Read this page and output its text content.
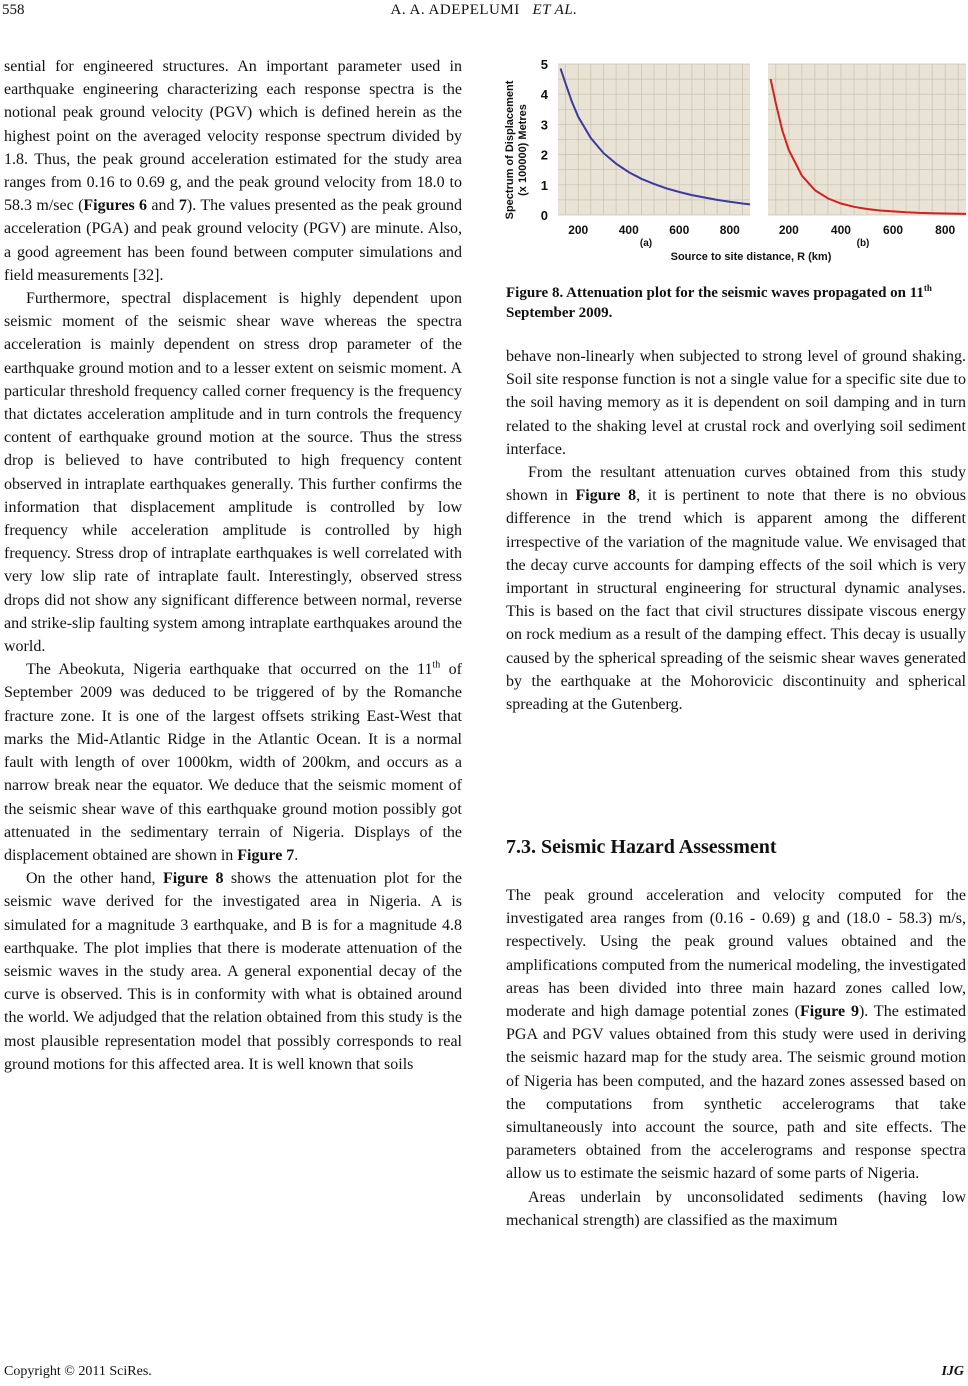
558	A. A. ADEPELUMI ET AL.

sential for engineered structures. An important parameter used in earthquake engineering characterizing each response spectra is the notional peak ground velocity (PGV) which is defined herein as the highest point on the averaged velocity response spectrum divided by 1.8. Thus, the peak ground acceleration estimated for the study area ranges from 0.16 to 0.69 g, and the peak ground velocity from 18.0 to 58.3 m/sec (Figures 6 and 7). The values presented as the peak ground acceleration (PGA) and peak ground velocity (PGV) are minute. Also, a good agreement has been found between computer simulations and field measurements [32].

Furthermore, spectral displacement is highly dependent upon seismic moment of the seismic shear wave whereas the spectra acceleration is mainly dependent on stress drop parameter of the earthquake ground motion and to a lesser extent on seismic moment. A particular threshold frequency called corner frequency is the frequency that dictates acceleration amplitude and in turn controls the frequency content of earthquake ground motion at the source. Thus the stress drop is believed to have contributed to high frequency content observed in intraplate earthquakes generally. This further confirms the information that displacement amplitude is controlled by low frequency while acceleration amplitude is controlled by high frequency. Stress drop of intraplate earthquakes is well correlated with very low slip rate of intraplate fault. Interestingly, observed stress drops did not show any significant difference between normal, reverse and strike-slip faulting system among intraplate earthquakes around the world.

The Abeokuta, Nigeria earthquake that occurred on the 11th of September 2009 was deduced to be triggered of by the Romanche fracture zone. It is one of the largest offsets striking East-West that marks the Mid-Atlantic Ridge in the Atlantic Ocean. It is a normal fault with length of over 1000km, width of 200km, and occurs as a narrow break near the equator. We deduce that the seismic moment of the seismic shear wave of this earthquake ground motion possibly got attenuated in the sedimentary terrain of Nigeria. Displays of the displacement obtained are shown in Figure 7.

On the other hand, Figure 8 shows the attenuation plot for the seismic wave derived for the investigated area in Nigeria. A is simulated for a magnitude 3 earthquake, and B is for a magnitude 4.8 earthquake. The plot implies that there is moderate attenuation of the seismic waves in the study area. A general exponential decay of the curve is observed. This is in conformity with what is obtained around the world. We adjudged that the relation obtained from this study is the most plausible representation model that possibly corresponds to real ground motions for this affected area. It is well known that soils

0
1
2
3
4
5
200	400	600	800	200	400	600	800
Spectrum of Displacement (x 100000) Metres
(a)	(b)
Source to site distance, R (km)
Figure 8. Attenuation plot for the seismic waves propagated on 11th September 2009.

behave non-linearly when subjected to strong level of ground shaking. Soil site response function is not a single value for a specific site due to the soil having memory as it is dependent on soil damping and in turn related to the shaking level at crustal rock and overlying soil sediment interface.

From the resultant attenuation curves obtained from this study shown in Figure 8, it is pertinent to note that there is no obvious difference in the trend which is apparent among the different irrespective of the variation of the magnitude value. We envisaged that the decay curve accounts for damping effects of the soil which is very important in structural engineering for structural dynamic analyses. This is based on the fact that civil structures dissipate viscous energy on rock medium as a result of the damping effect. This decay is usually caused by the spherical spreading of the seismic shear waves generated by the earthquake at the Mohorovicic discontinuity and spherical spreading at the Gutenberg.

7.3. Seismic Hazard Assessment

The peak ground acceleration and velocity computed for the investigated area ranges from (0.16 - 0.69) g and (18.0 - 58.3) m/s, respectively. Using the peak ground values obtained and the amplifications computed from the numerical modeling, the investigated areas has been divided into three main hazard zones called low, moderate and high damage potential zones (Figure 9). The estimated PGA and PGV values obtained from this study were used in deriving the seismic hazard map for the study area. The seismic ground motion of Nigeria has been computed, and the hazard zones assessed based on the computations from synthetic accelerograms that take simultaneously into account the source, path and site effects. The parameters obtained from the accelerograms and response spectra allow us to estimate the seismic hazard of some parts of Nigeria.

Areas underlain by unconsolidated sediments (having low mechanical strength) are classified as the maximum

Copyright © 2011 SciRes.	IJG
